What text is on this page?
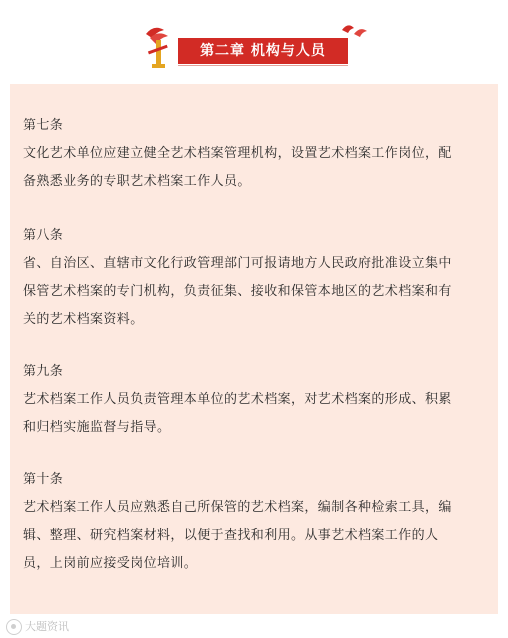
第二章 机构与人员

第七条

文化艺术单位应建立健全艺术档案管理机构，设置艺术档案工作岗位，配

备熟悉业务的专职艺术档案工作人员。

第八条

省、自治区、直辖市文化行政管理部门可报请地方人民政府批准设立集中

保管艺术档案的专门机构，负责征集、接收和保管本地区的艺术档案和有

关的艺术档案资料。

第九条

艺术档案工作人员负责管理本单位的艺术档案，对艺术档案的形成、积累

和归档实施监督与指导。

第十条

艺术档案工作人员应熟悉自己所保管的艺术档案，编制各种检索工具，编

辑、整理、研究档案材料，以便于查找和利用。从事艺术档案工作的人

员，上岗前应接受岗位培训。

大题资讯
